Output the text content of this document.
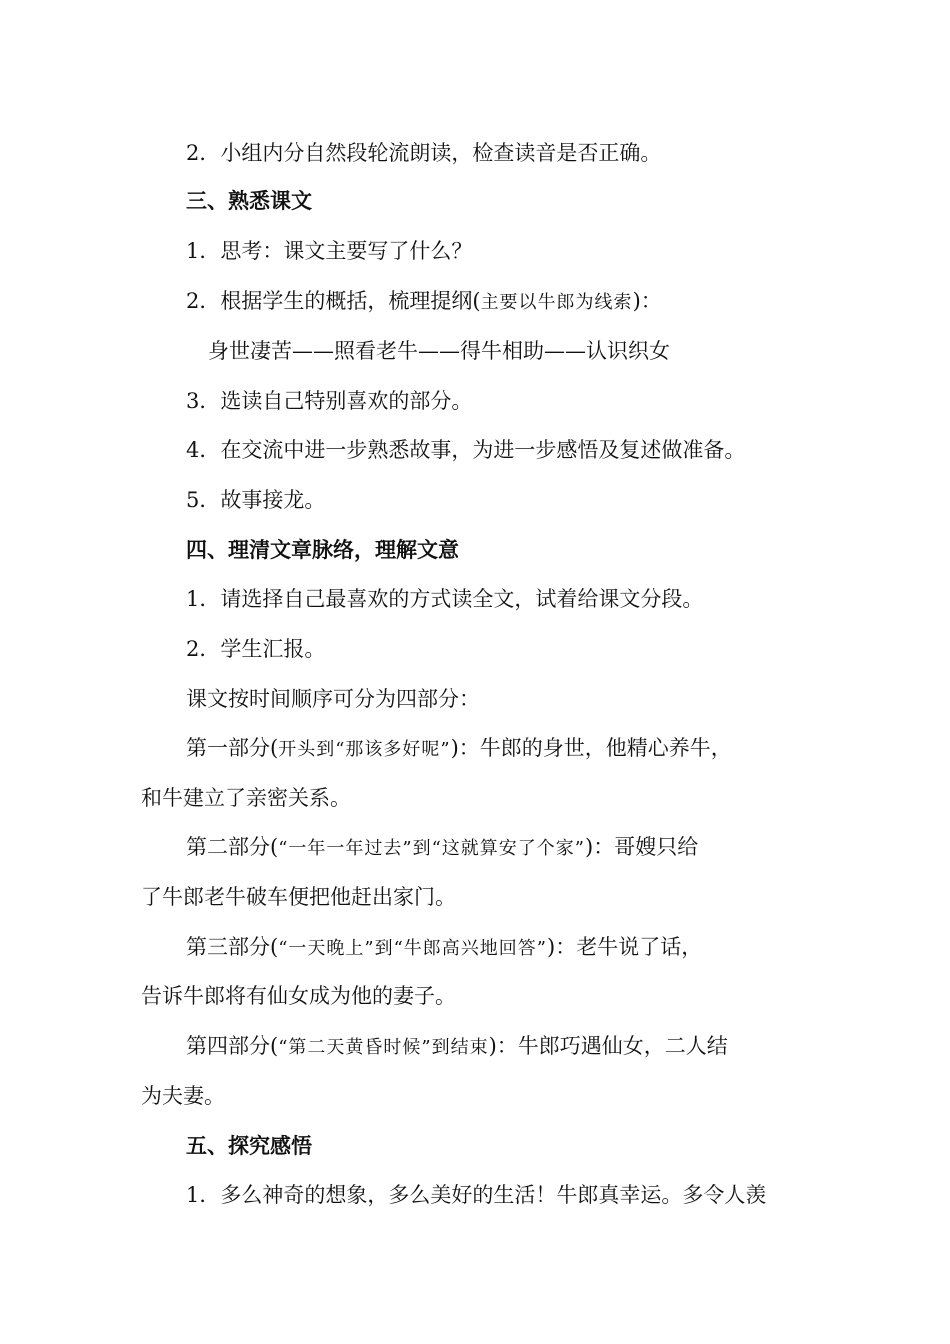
2．小组内分自然段轮流朗读，检查读音是否正确。
三、熟悉课文
1．思考：课文主要写了什么？
2．根据学生的概括，梳理提纲(主要以牛郎为线索)：
身世凄苦——照看老牛——得牛相助——认识织女
3．选读自己特别喜欢的部分。
4．在交流中进一步熟悉故事，为进一步感悟及复述做准备。
5．故事接龙。
四、理清文章脉络，理解文意
1．请选择自己最喜欢的方式读全文，试着给课文分段。
2．学生汇报。
课文按时间顺序可分为四部分：
第一部分(开头到“那该多好呢”)：牛郎的身世，他精心养牛，
和牛建立了亲密关系。
第二部分(“一年一年过去”到“这就算安了个家”)：哥嫂只给
了牛郎老牛破车便把他赶出家门。
第三部分(“一天晚上”到“牛郎高兴地回答”)：老牛说了话，
告诉牛郎将有仙女成为他的妻子。
第四部分(“第二天黄昏时候”到结束)：牛郎巧遇仙女，二人结
为夫妻。
五、探究感悟
1．多么神奇的想象，多么美好的生活！牛郎真幸运。多令人羡
